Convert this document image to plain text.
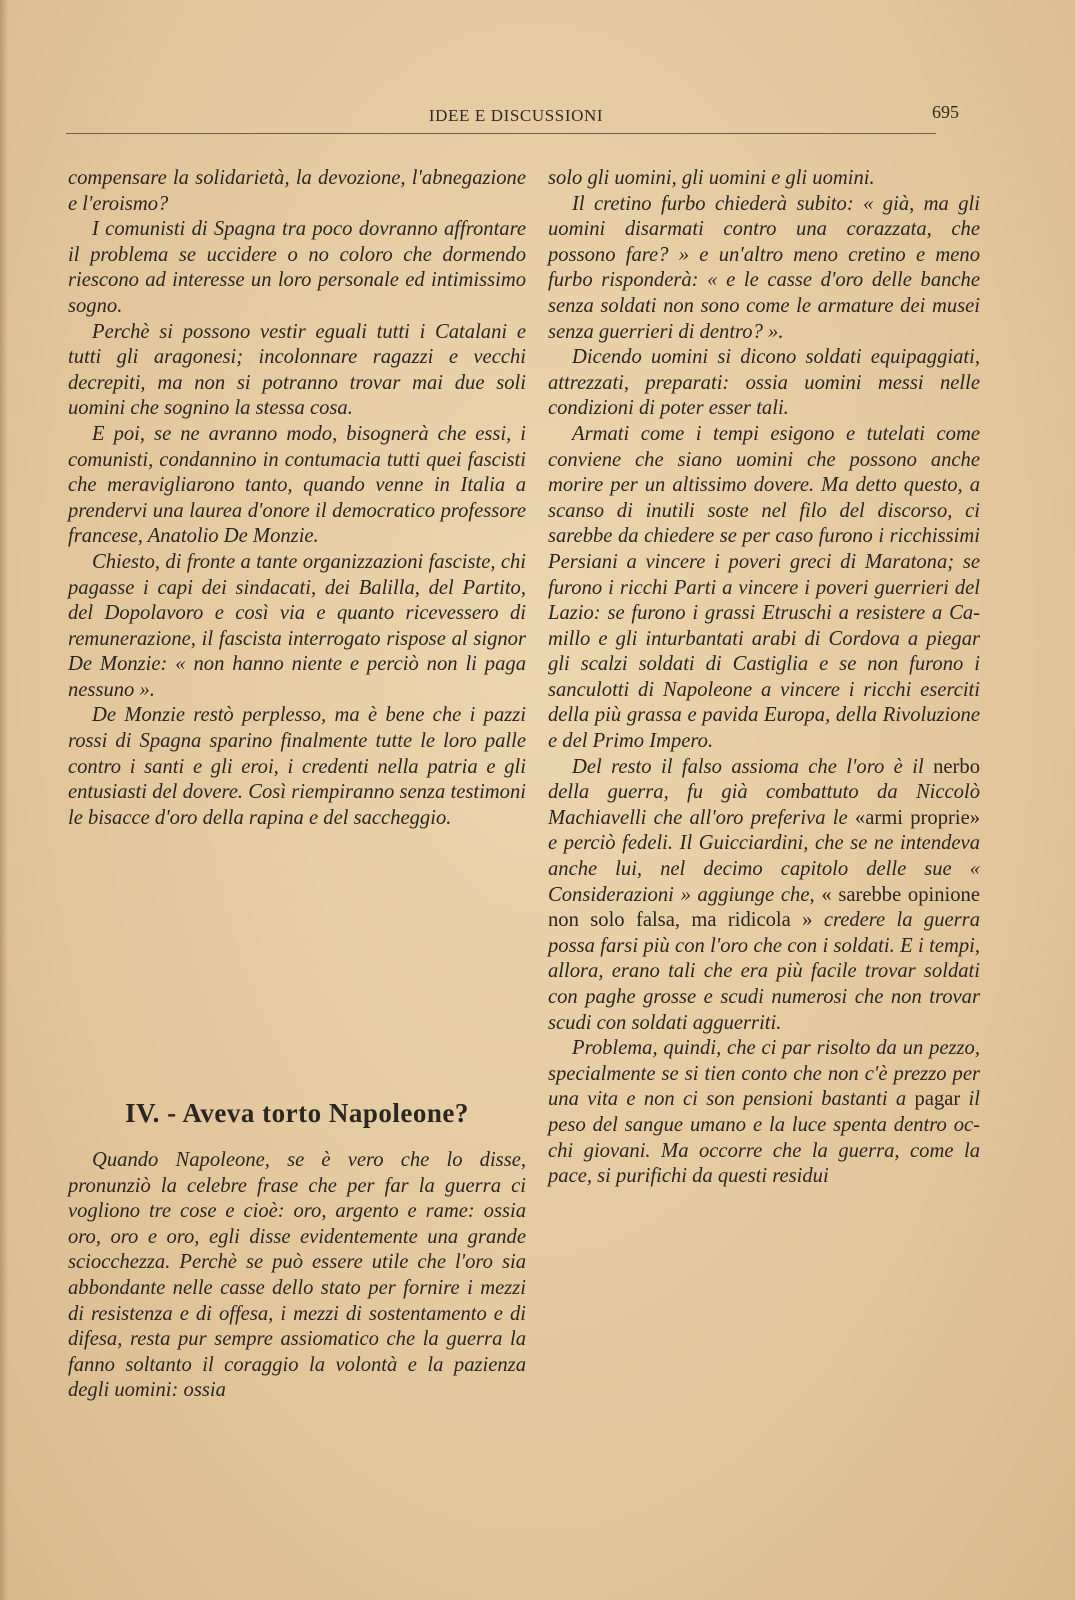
IDEE E DISCUSSIONI	695

compensare la solidarietà, la devozione, l'abnegazione e l'eroismo?

I comunisti di Spagna tra poco dovranno affrontare il problema se uccidere o no coloro che dormendo riescono ad interesse un loro personale ed intimissimo sogno.

Perchè si possono vestir eguali tutti i Catalani e tutti gli aragonesi; incolonnare ragazzi e vecchi decrepiti, ma non si potranno trovar mai due soli uomini che sognino la stessa cosa.

E poi, se ne avranno modo, bisognerà che essi, i comunisti, condannino in contumacia tutti quei fascisti che meravigliarono tanto, quando venne in Italia a prendervi una laurea d'onore il democratico professore francese, Anatolio De Monzie.

Chiesto, di fronte a tante organizzazioni fasciste, chi pagasse i capi dei sindacati, dei Balilla, del Partito, del Dopolavoro e così via e quanto ricevessero di remunerazione, il fascista interrogato rispose al signor De Monzie: « non hanno niente e perciò non li paga nessuno ».

De Monzie restò perplesso, ma è bene che i pazzi rossi di Spagna sparino finalmente tutte le loro palle contro i santi e gli eroi, i credenti nella patria e gli entusiasti del dovere. Così riempiranno senza testimoni le bisacce d'oro della rapina e del saccheggio.

IV. - Aveva torto Napoleone?

Quando Napoleone, se è vero che lo disse, pronunziò la celebre frase che per far la guerra ci vogliono tre cose e cioè: oro, argento e rame: ossia oro, oro e oro, egli disse evidentemente una grande sciocchezza. Perchè se può essere utile che l'oro sia abbondante nelle casse dello stato per fornire i mezzi di resistenza e di offesa, i mezzi di sostentamento e di difesa, resta pur sempre assiomatico che la guerra la fanno soltanto il coraggio la volontà e la pazienza degli uomini: ossia

solo gli uomini, gli uomini e gli uomini.

Il cretino furbo chiederà subito: « già, ma gli uomini disarmati contro una corazzata, che possono fare? » e un'altro meno cretino e meno furbo risponderà: « e le casse d'oro delle banche senza soldati non sono come le armature dei musei senza guerrieri di dentro? ».

Dicendo uomini si dicono soldati equipaggiati, attrezzati, preparati: ossia uomini messi nelle condizioni di poter esser tali.

Armati come i tempi esigono e tutelati come conviene che siano uomini che possono anche morire per un altissimo dovere. Ma detto questo, a scanso di inutili soste nel filo del discorso, ci sarebbe da chiedere se per caso furono i ricchissimi Persiani a vincere i poveri greci di Maratona; se furono i ricchi Parti a vincere i poveri guerrieri del Lazio: se furono i grassi Etruschi a resistere a Camillo e gli inturbantati arabi di Cordova a piegar gli scalzi soldati di Castiglia e se non furono i sanculotti di Napoleone a vincere i ricchi eserciti della più grassa e pavida Europa, della Rivoluzione e del Primo Impero.

Del resto il falso assioma che l'oro è il nerbo della guerra, fu già combattuto da Niccolò Machiavelli che all'oro preferiva le «armi proprie» e perciò fedeli. Il Guicciardini, che se ne intendeva anche lui, nel decimo capitolo delle sue « Considerazioni » aggiunge che, « sarebbe opinione non solo falsa, ma ridicola » credere la guerra possa farsi più con l'oro che con i soldati. E i tempi, allora, erano tali che era più facile trovar soldati con paghe grosse e scudi numerosi che non trovar scudi con soldati agguerriti.

Problema, quindi, che ci par risolto da un pezzo, specialmente se si tien conto che non c'è prezzo per una vita e non ci son pensioni bastanti a pagar il peso del sangue umano e la luce spenta dentro occhi giovani. Ma occorre che la guerra, come la pace, si purifichi da questi residui
